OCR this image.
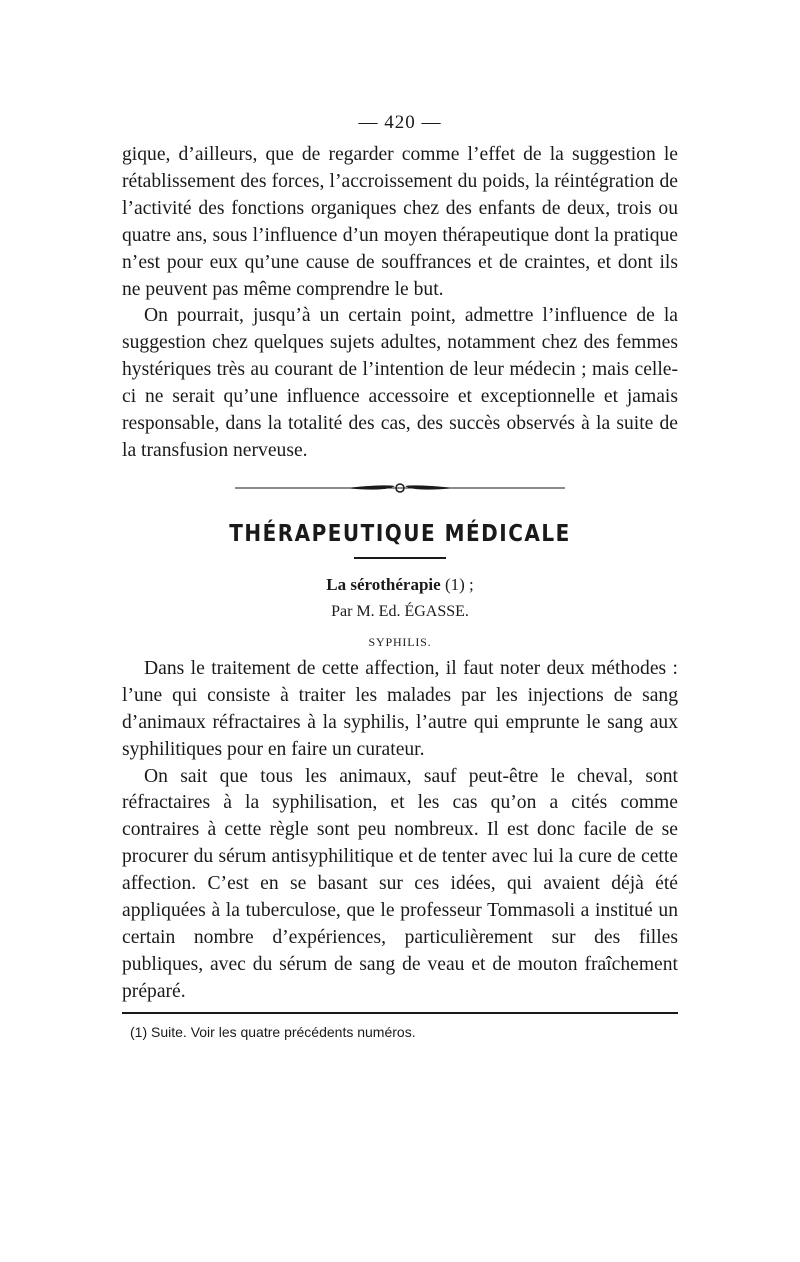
— 420 —

gique, d’ailleurs, que de regarder comme l’effet de la suggestion le rétablissement des forces, l’accroissement du poids, la réintégration de l’activité des fonctions organiques chez des enfants de deux, trois ou quatre ans, sous l’influence d’un moyen thérapeutique dont la pratique n’est pour eux qu’une cause de souffrances et de craintes, et dont ils ne peuvent pas même comprendre le but.

On pourrait, jusqu’à un certain point, admettre l’influence de la suggestion chez quelques sujets adultes, notamment chez des femmes hystériques très au courant de l’intention de leur médecin ; mais celle-ci ne serait qu’une influence accessoire et exceptionnelle et jamais responsable, dans la totalité des cas, des succès observés à la suite de la transfusion nerveuse.

THÉRAPEUTIQUE MÉDICALE
La sérothérapie (1) ;
Par M. Ed. ÉGASSE.
SYPHILIS.

Dans le traitement de cette affection, il faut noter deux méthodes : l’une qui consiste à traiter les malades par les injections de sang d’animaux réfractaires à la syphilis, l’autre qui emprunte le sang aux syphilitiques pour en faire un curateur.

On sait que tous les animaux, sauf peut-être le cheval, sont réfractaires à la syphilisation, et les cas qu’on a cités comme contraires à cette règle sont peu nombreux. Il est donc facile de se procurer du sérum antisyphilitique et de tenter avec lui la cure de cette affection. C’est en se basant sur ces idées, qui avaient déjà été appliquées à la tuberculose, que le professeur Tommasoli a institué un certain nombre d’expériences, particulièrement sur des filles publiques, avec du sérum de sang de veau et de mouton fraîchement préparé.

(1) Suite. Voir les quatre précédents numéros.
